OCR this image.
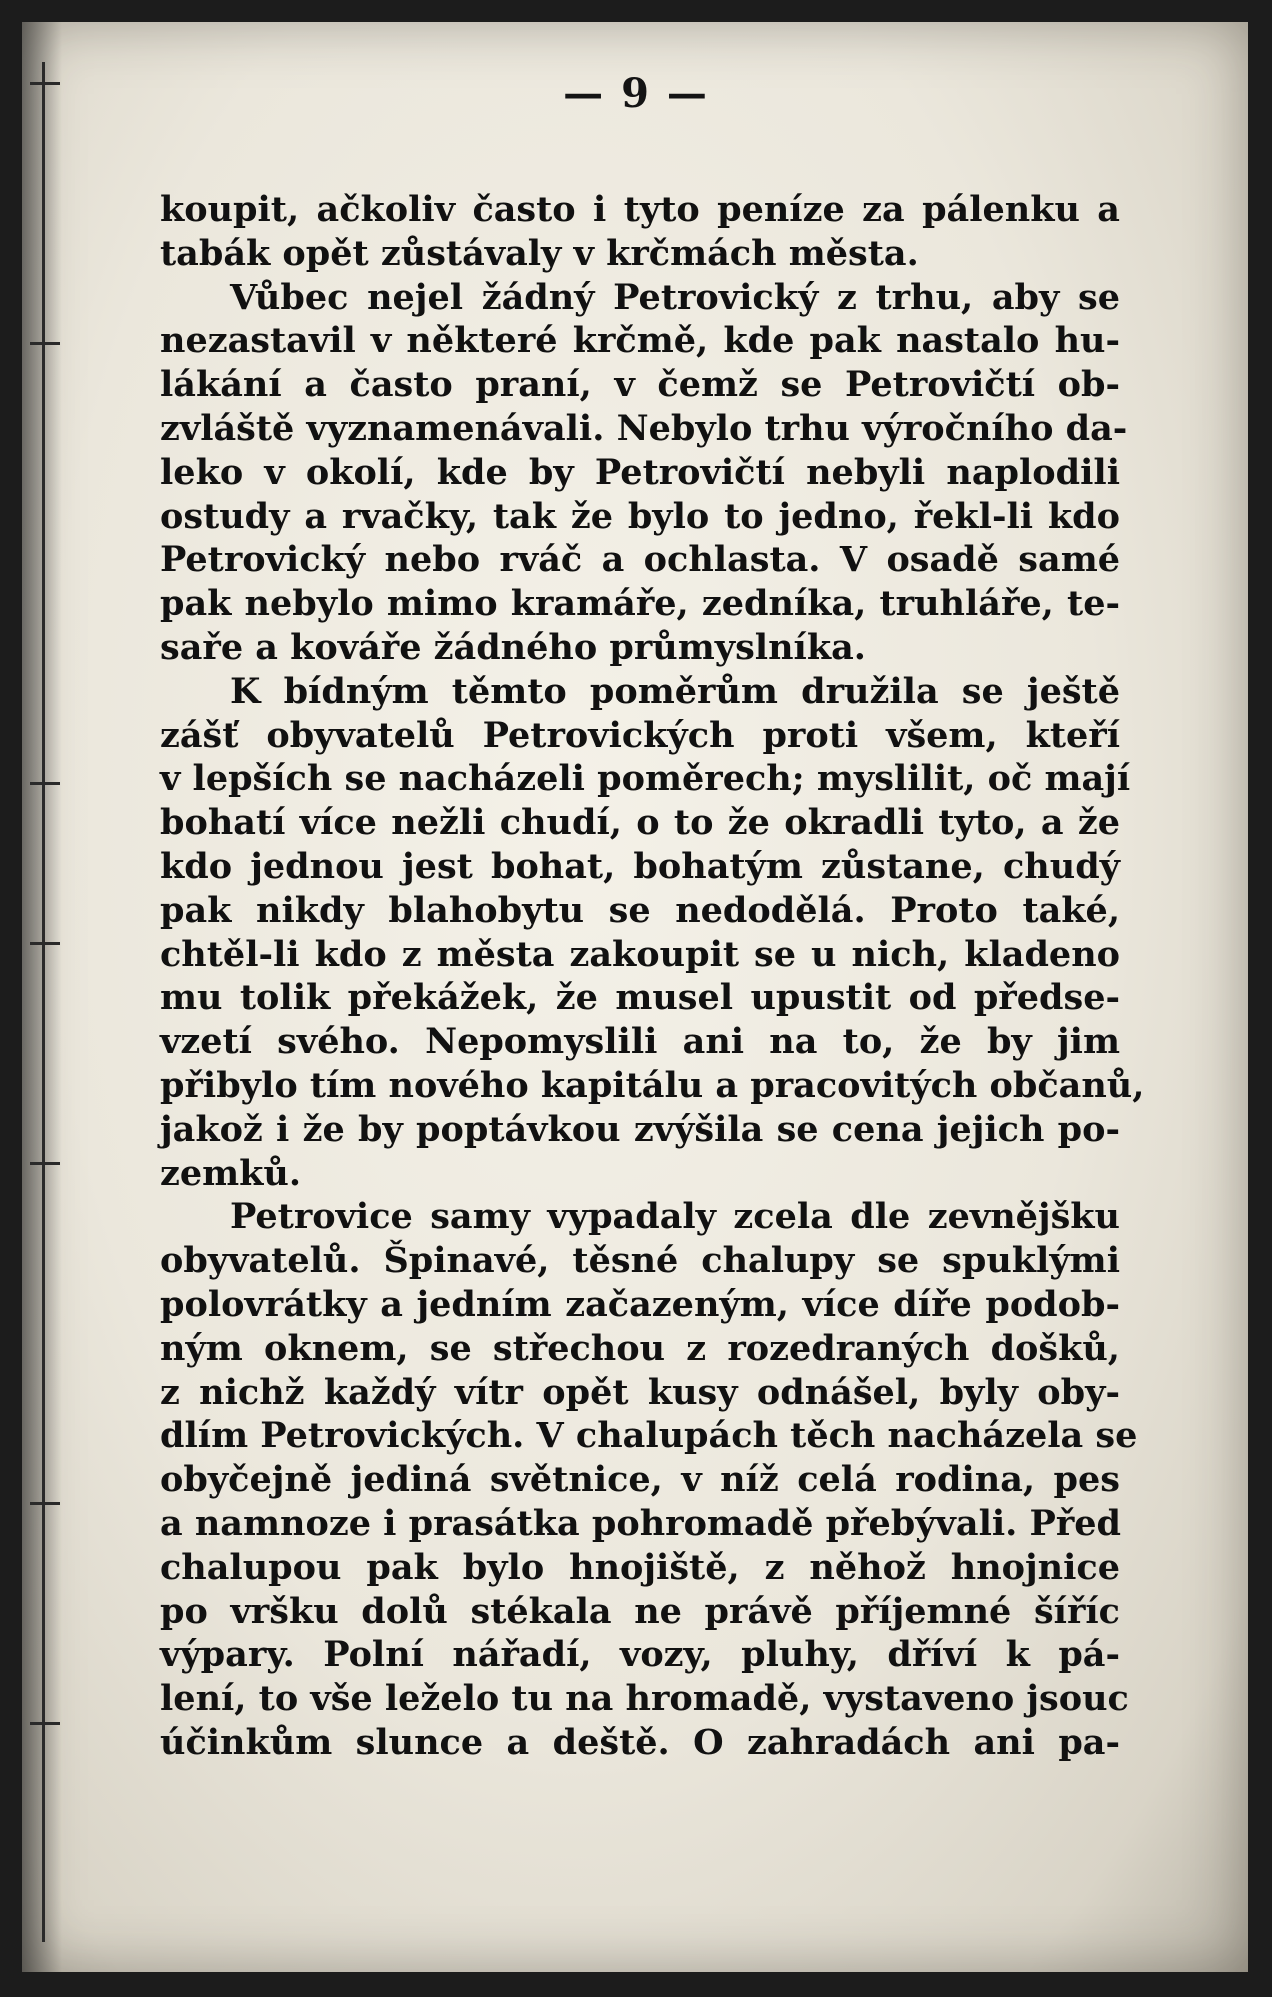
— 9 —
koupit, ačkoliv často i tyto peníze za pálenku a
tabák opět zůstávaly v krčmách města.
Vůbec nejel žádný Petrovický z trhu, aby se
nezastavil v některé krčmě, kde pak nastalo hu-
lákání a často praní, v čemž se Petrovičtí ob-
zvláště vyznamenávali. Nebylo trhu výročního da-
leko v okolí, kde by Petrovičtí nebyli naplodili
ostudy a rvačky, tak že bylo to jedno, řekl-li kdo
Petrovický nebo rváč a ochlasta. V osadě samé
pak nebylo mimo kramáře, zedníka, truhláře, te-
saře a kováře žádného průmyslníka.
K bídným těmto poměrům družila se ještě
zášť obyvatelů Petrovických proti všem, kteří
v lepších se nacházeli poměrech; myslilit, oč mají
bohatí více nežli chudí, o to že okradli tyto, a že
kdo jednou jest bohat, bohatým zůstane, chudý
pak nikdy blahobytu se nedodělá. Proto také,
chtěl-li kdo z města zakoupit se u nich, kladeno
mu tolik překážek, že musel upustit od předse-
vzetí svého. Nepomyslili ani na to, že by jim
přibylo tím nového kapitálu a pracovitých občanů,
jakož i že by poptávkou zvýšila se cena jejich po-
zemků.
Petrovice samy vypadaly zcela dle zevnějšku
obyvatelů. Špinavé, těsné chalupy se spuklými
polovrátky a jedním začazeným, více díře podob-
ným oknem, se střechou z rozedraných došků,
z nichž každý vítr opět kusy odnášel, byly oby-
dlím Petrovických. V chalupách těch nacházela se
obyčejně jediná světnice, v níž celá rodina, pes
a namnoze i prasátka pohromadě přebývali. Před
chalupou pak bylo hnojiště, z něhož hnojnice
po vršku dolů stékala ne právě příjemné šíříc
výpary. Polní nářadí, vozy, pluhy, dříví k pá-
lení, to vše leželo tu na hromadě, vystaveno jsouc
účinkům slunce a deště. O zahradách ani pa-
